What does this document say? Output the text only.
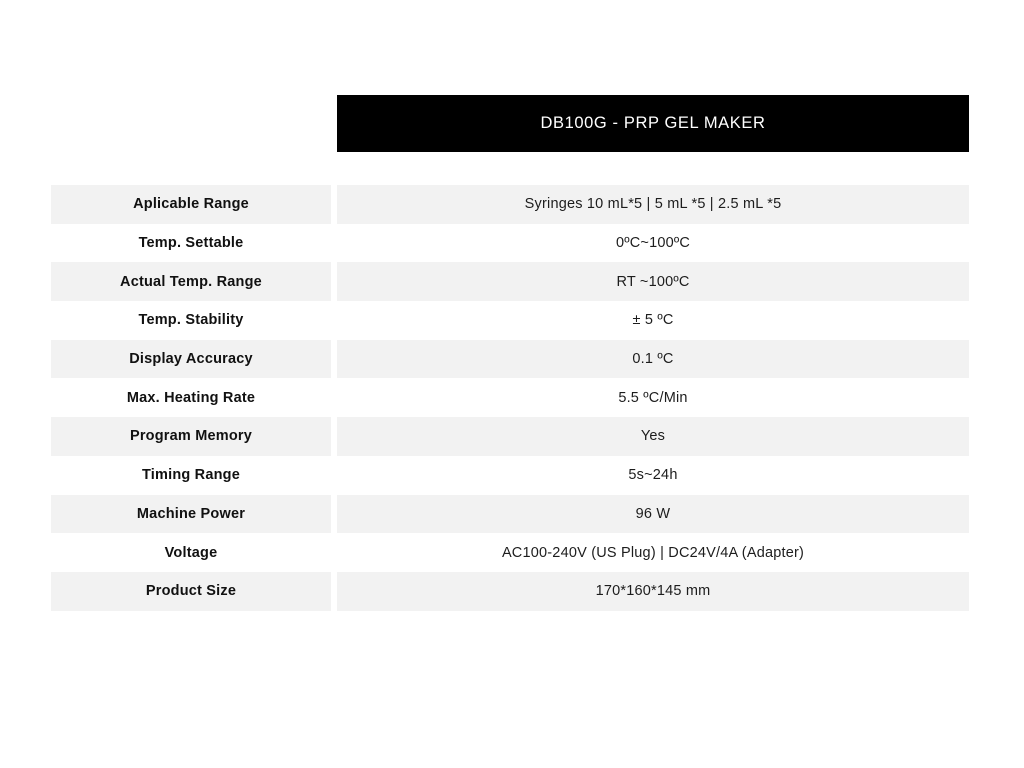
DB100G - PRP GEL MAKER
Aplicable Range		Syringes 10 mL*5 | 5 mL *5 | 2.5 mL *5
Temp. Settable		0ºC~100ºC
Actual Temp. Range		RT ~100ºC
Temp. Stability		± 5 ºC
Display Accuracy		0.1 ºC
Max. Heating Rate		5.5 ºC/Min
Program Memory		Yes
Timing Range		5s~24h
Machine Power		96 W
Voltage		AC100-240V (US Plug) | DC24V/4A (Adapter)
Product Size		170*160*145 mm
